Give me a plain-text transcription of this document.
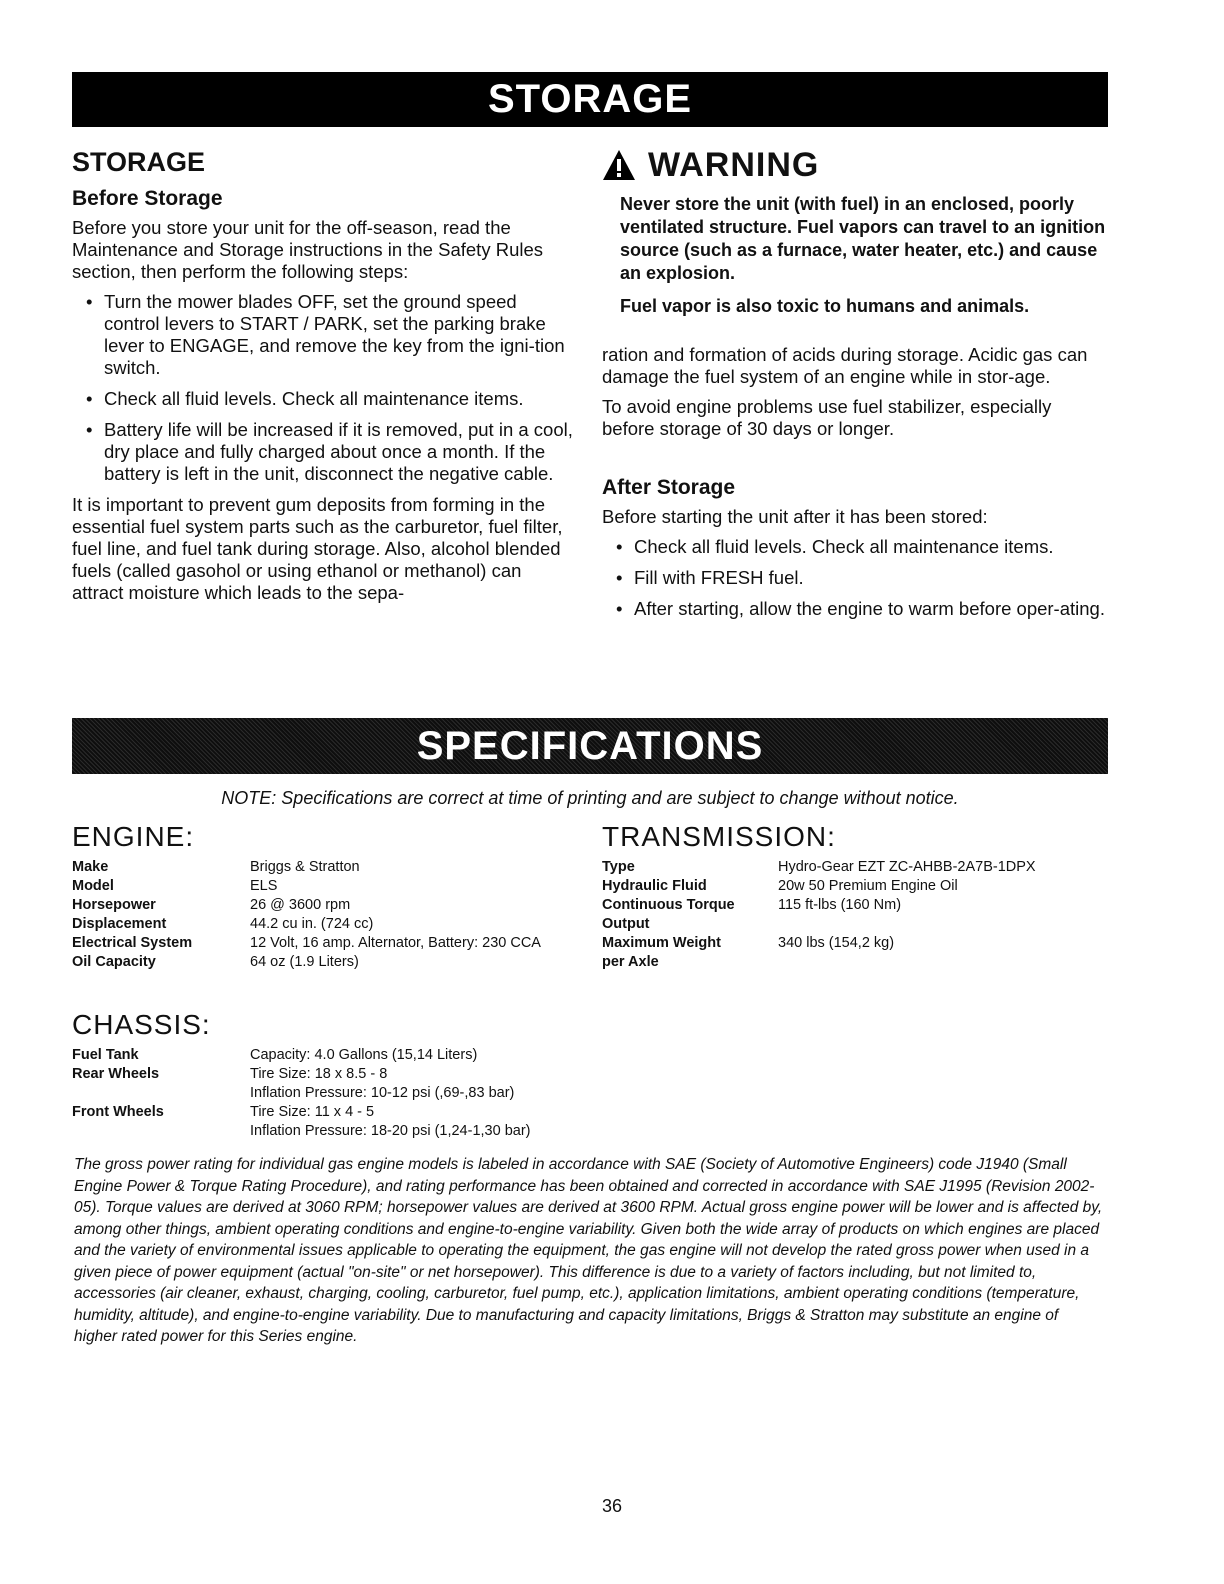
STORAGE
STORAGE
Before Storage

Before you store your unit for the off-season, read the Maintenance and Storage instructions in the Safety Rules section, then perform the following steps:

• Turn the mower blades OFF, set the ground speed control levers to START / PARK, set the parking brake lever to ENGAGE, and remove the key from the igni-tion switch.
• Check all fluid levels. Check all maintenance items.
• Battery life will be increased if it is removed, put in a cool, dry place and fully charged about once a month. If the battery is left in the unit, disconnect the negative cable.

It is important to prevent gum deposits from forming in the essential fuel system parts such as the carburetor, fuel filter, fuel line, and fuel tank during storage. Also, alcohol blended fuels (called gasohol or using ethanol or methanol) can attract moisture which leads to the sepa-

WARNING

Never store the unit (with fuel) in an enclosed, poorly ventilated structure. Fuel vapors can travel to an ignition source (such as a furnace, water heater, etc.) and cause an explosion.

Fuel vapor is also toxic to humans and animals.

ration and formation of acids during storage. Acidic gas can damage the fuel system of an engine while in stor-age.

To avoid engine problems use fuel stabilizer, especially before storage of 30 days or longer.

After Storage

Before starting the unit after it has been stored:

• Check all fluid levels. Check all maintenance items.
• Fill with FRESH fuel.
• After starting, allow the engine to warm before oper-ating.
SPECIFICATIONS
NOTE: Specifications are correct at time of printing and are subject to change without notice.
ENGINE:
Make	Briggs & Stratton
Model	ELS
Horsepower	26 @ 3600 rpm
Displacement	44.2 cu in. (724 cc)
Electrical System	12 Volt, 16 amp. Alternator, Battery: 230 CCA
Oil Capacity	64 oz (1.9 Liters)
TRANSMISSION:
Type	Hydro-Gear EZT ZC-AHBB-2A7B-1DPX
Hydraulic Fluid	20w 50 Premium Engine Oil
Continuous Torque	115 ft-lbs (160 Nm)
Output	
Maximum Weight	340 lbs (154,2 kg)
per Axle	
CHASSIS:
Fuel Tank	Capacity: 4.0 Gallons (15,14 Liters)
Rear Wheels	Tire Size: 18 x 8.5 - 8
	Inflation Pressure: 10-12 psi (,69-,83 bar)
Front Wheels	Tire Size: 11 x 4 - 5
	Inflation Pressure: 18-20 psi (1,24-1,30 bar)

The gross power rating for individual gas engine models is labeled in accordance with SAE (Society of Automotive Engineers) code J1940 (Small Engine Power & Torque Rating Procedure), and rating performance has been obtained and corrected in accordance with SAE J1995 (Revision 2002-05). Torque values are derived at 3060 RPM; horsepower values are derived at 3600 RPM. Actual gross engine power will be lower and is affected by, among other things, ambient operating conditions and engine-to-engine variability. Given both the wide array of products on which engines are placed and the variety of environmental issues applicable to operating the equipment, the gas engine will not develop the rated gross power when used in a given piece of power equipment (actual "on-site" or net horsepower). This difference is due to a variety of factors including, but not limited to, accessories (air cleaner, exhaust, charging, cooling, carburetor, fuel pump, etc.), application limitations, ambient operating conditions (temperature, humidity, altitude), and engine-to-engine variability. Due to manufacturing and capacity limitations, Briggs & Stratton may substitute an engine of higher rated power for this Series engine.

36
